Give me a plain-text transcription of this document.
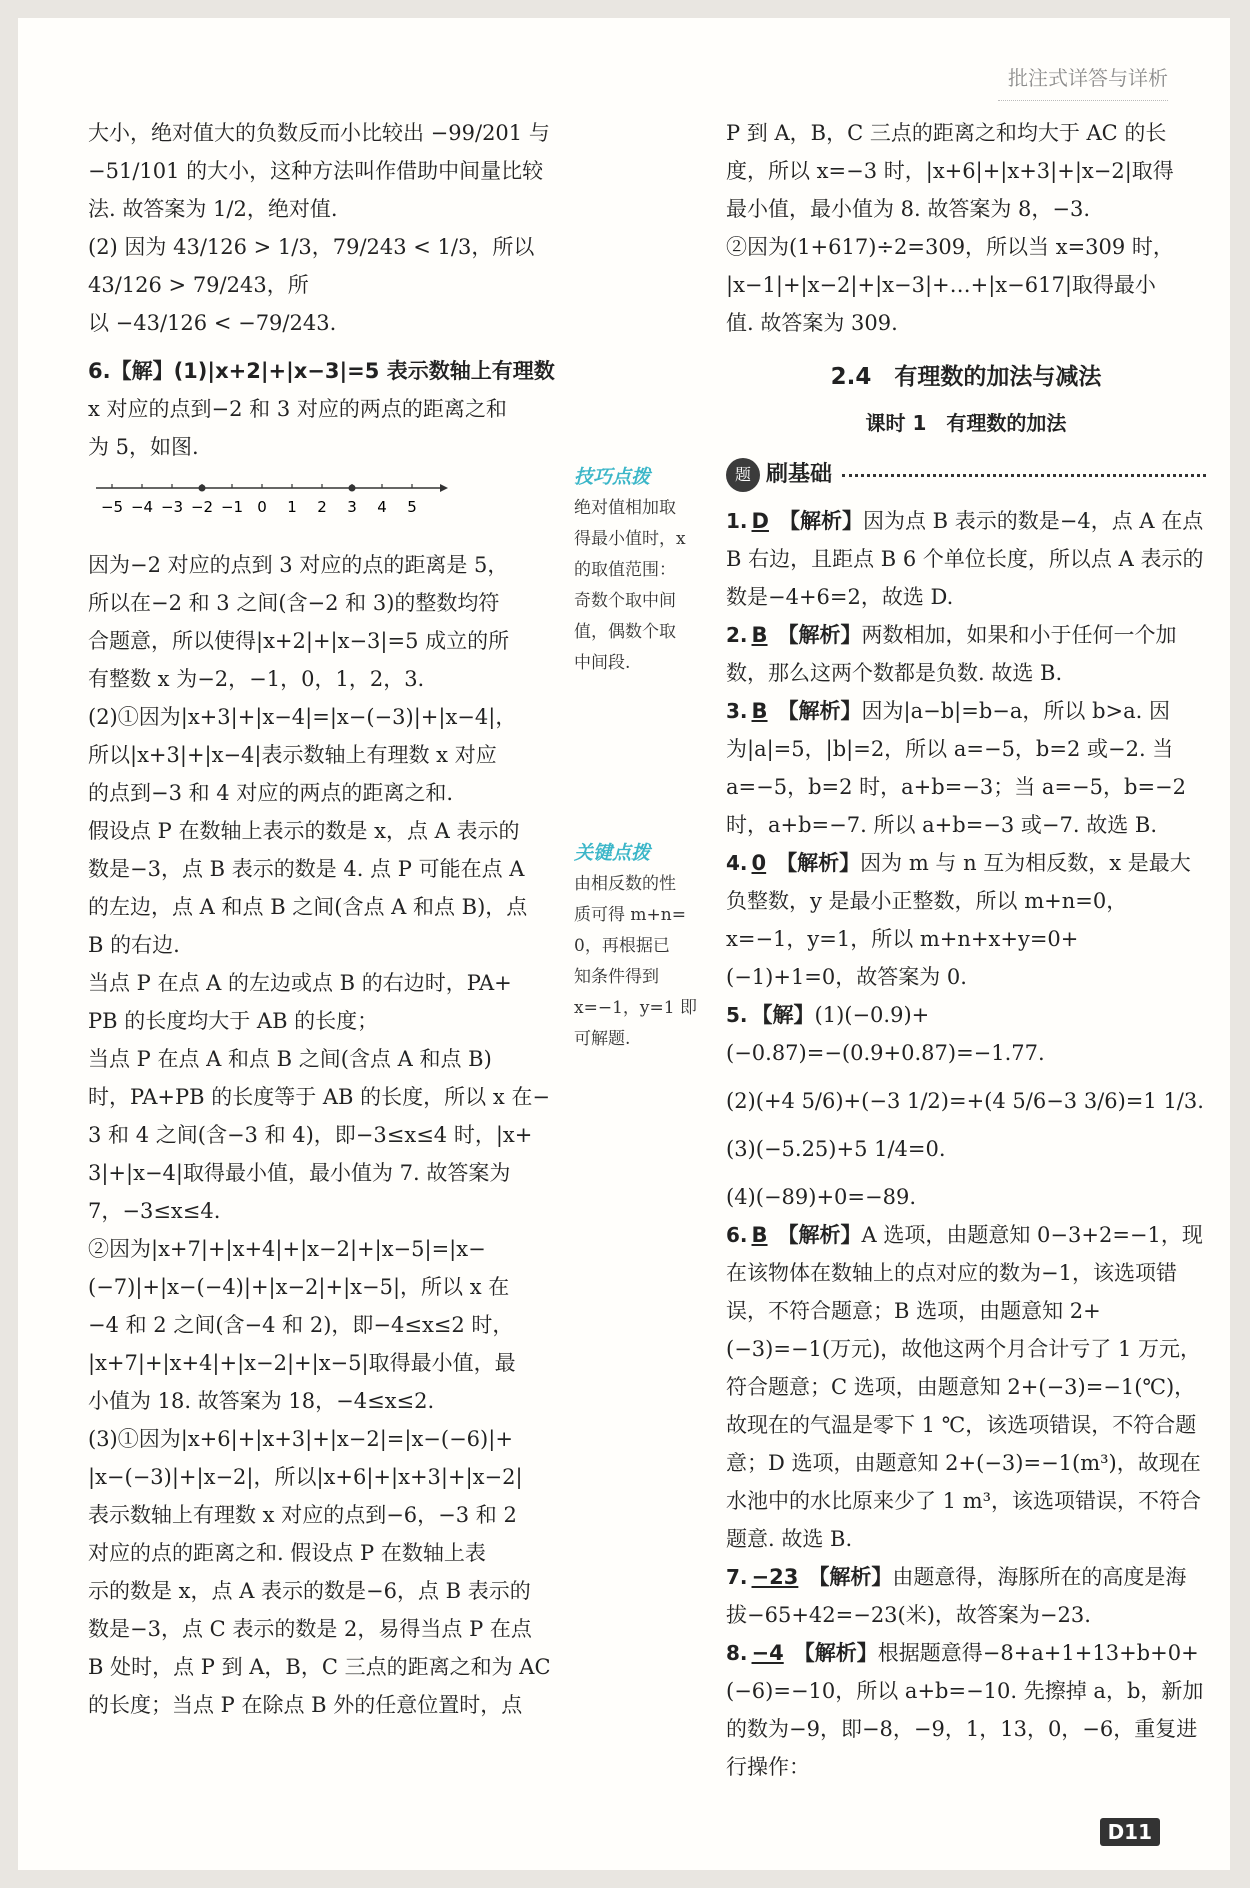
批注式详答与详析

大小，绝对值大的负数反而小比较出 −99/201 与

−51/101 的大小，这种方法叫作借助中间量比较

法. 故答案为 1/2，绝对值.

(2) 因为 43/126 > 1/3，79/243 < 1/3，所以 43/126 > 79/243，所

以 −43/126 < −79/243.

6.【解】(1)|x+2|+|x−3|=5 表示数轴上有理数

x 对应的点到−2 和 3 对应的两点的距离之和

为 5，如图.

−5 −4 −3 −2 −1 0 1 2 3 4 5

因为−2 对应的点到 3 对应的点的距离是 5，

所以在−2 和 3 之间(含−2 和 3)的整数均符

合题意，所以使得|x+2|+|x−3|=5 成立的所

有整数 x 为−2，−1，0，1，2，3.

(2)①因为|x+3|+|x−4|=|x−(−3)|+|x−4|，

所以|x+3|+|x−4|表示数轴上有理数 x 对应

的点到−3 和 4 对应的两点的距离之和.

假设点 P 在数轴上表示的数是 x，点 A 表示的

数是−3，点 B 表示的数是 4. 点 P 可能在点 A

的左边，点 A 和点 B 之间(含点 A 和点 B)，点

B 的右边.

当点 P 在点 A 的左边或点 B 的右边时，PA+

PB 的长度均大于 AB 的长度；

当点 P 在点 A 和点 B 之间(含点 A 和点 B)

时，PA+PB 的长度等于 AB 的长度，所以 x 在−

3 和 4 之间(含−3 和 4)，即−3≤x≤4 时，|x+

3|+|x−4|取得最小值，最小值为 7. 故答案为

7，−3≤x≤4.

②因为|x+7|+|x+4|+|x−2|+|x−5|=|x−

(−7)|+|x−(−4)|+|x−2|+|x−5|，所以 x 在

−4 和 2 之间(含−4 和 2)，即−4≤x≤2 时，

|x+7|+|x+4|+|x−2|+|x−5|取得最小值，最

小值为 18. 故答案为 18，−4≤x≤2.

(3)①因为|x+6|+|x+3|+|x−2|=|x−(−6)|+

|x−(−3)|+|x−2|，所以|x+6|+|x+3|+|x−2|

表示数轴上有理数 x 对应的点到−6，−3 和 2

对应的点的距离之和. 假设点 P 在数轴上表

示的数是 x，点 A 表示的数是−6，点 B 表示的

数是−3，点 C 表示的数是 2，易得当点 P 在点

B 处时，点 P 到 A，B，C 三点的距离之和为 AC

的长度；当点 P 在除点 B 外的任意位置时，点

技巧点拨
绝对值相加取
得最小值时，x
的取值范围：
奇数个取中间
值，偶数个取
中间段.
关键点拨
由相反数的性
质可得 m+n=
0，再根据已
知条件得到
x=−1，y=1 即
可解题.

P 到 A，B，C 三点的距离之和均大于 AC 的长

度，所以 x=−3 时，|x+6|+|x+3|+|x−2|取得

最小值，最小值为 8. 故答案为 8，−3.

②因为(1+617)÷2=309，所以当 x=309 时，

|x−1|+|x−2|+|x−3|+…+|x−617|取得最小

值. 故答案为 309.

2.4　有理数的加法与减法
课时 1　有理数的加法
题 刷基础
1. D 【解析】因为点 B 表示的数是−4，点 A 在点 B 右边，且距点 B 6 个单位长度，所以点 A 表示的数是−4+6=2，故选 D.
2. B 【解析】两数相加，如果和小于任何一个加数，那么这两个数都是负数. 故选 B.
3. B 【解析】因为|a−b|=b−a，所以 b>a. 因为|a|=5，|b|=2，所以 a=−5，b=2 或−2. 当 a=−5，b=2 时，a+b=−3；当 a=−5，b=−2 时，a+b=−7. 所以 a+b=−3 或−7. 故选 B.
4. 0 【解析】因为 m 与 n 互为相反数，x 是最大负整数，y 是最小正整数，所以 m+n=0，x=−1，y=1，所以 m+n+x+y=0+(−1)+1=0，故答案为 0.
5. 【解】(1)(−0.9)+(−0.87)=−(0.9+0.87)=−1.77.

(2)(+4 5/6)+(−3 1/2)=+(4 5/6−3 3/6)=1 1/3.

(3)(−5.25)+5 1/4=0.

(4)(−89)+0=−89.

6. B 【解析】A 选项，由题意知 0−3+2=−1，现在该物体在数轴上的点对应的数为−1，该选项错误，不符合题意；B 选项，由题意知 2+(−3)=−1(万元)，故他这两个月合计亏了 1 万元，符合题意；C 选项，由题意知 2+(−3)=−1(℃)，故现在的气温是零下 1 ℃，该选项错误，不符合题意；D 选项，由题意知 2+(−3)=−1(m³)，故现在水池中的水比原来少了 1 m³，该选项错误，不符合题意. 故选 B.
7. −23 【解析】由题意得，海豚所在的高度是海拔−65+42=−23(米)，故答案为−23.
8. −4 【解析】根据题意得−8+a+1+13+b+0+(−6)=−10，所以 a+b=−10. 先擦掉 a，b，新加的数为−9，即−8，−9，1，13，0，−6，重复进行操作：
D11
